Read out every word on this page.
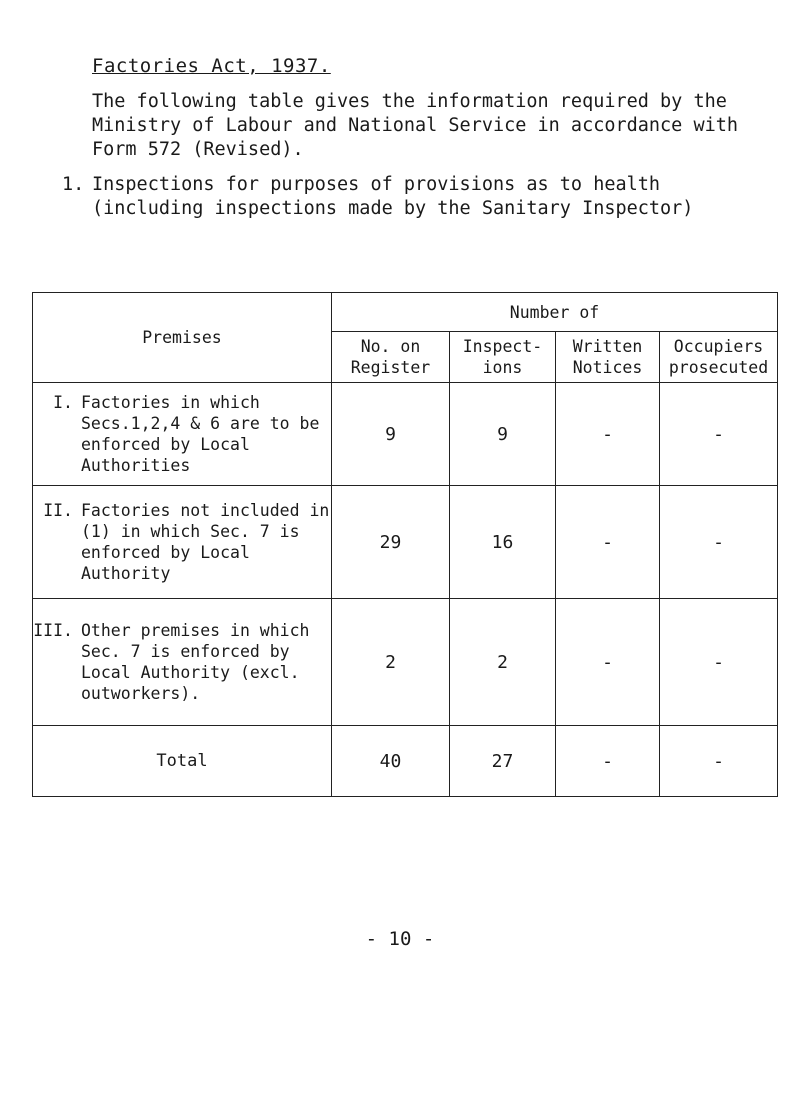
Factories Act, 1937.

The following table gives the information required by the Ministry of Labour and National Service in accordance with Form 572 (Revised).

1. Inspections for purposes of provisions as to health (including inspections made by the Sanitary Inspector)
Premises	Number of			
	No. on Register	Inspect-ions	Written Notices	Occupiers prosecuted

I. Factories in which Secs.1,2,4 & 6 are to be enforced by Local Authorities	9	9	-	-

II. Factories not included in (1) in which Sec. 7 is enforced by Local Authority	29	16	-	-

III. Other premises in which Sec. 7 is enforced by Local Authority (excl. outworkers).	2	2	-	-
Total	40	27	-	-
- 10 -
